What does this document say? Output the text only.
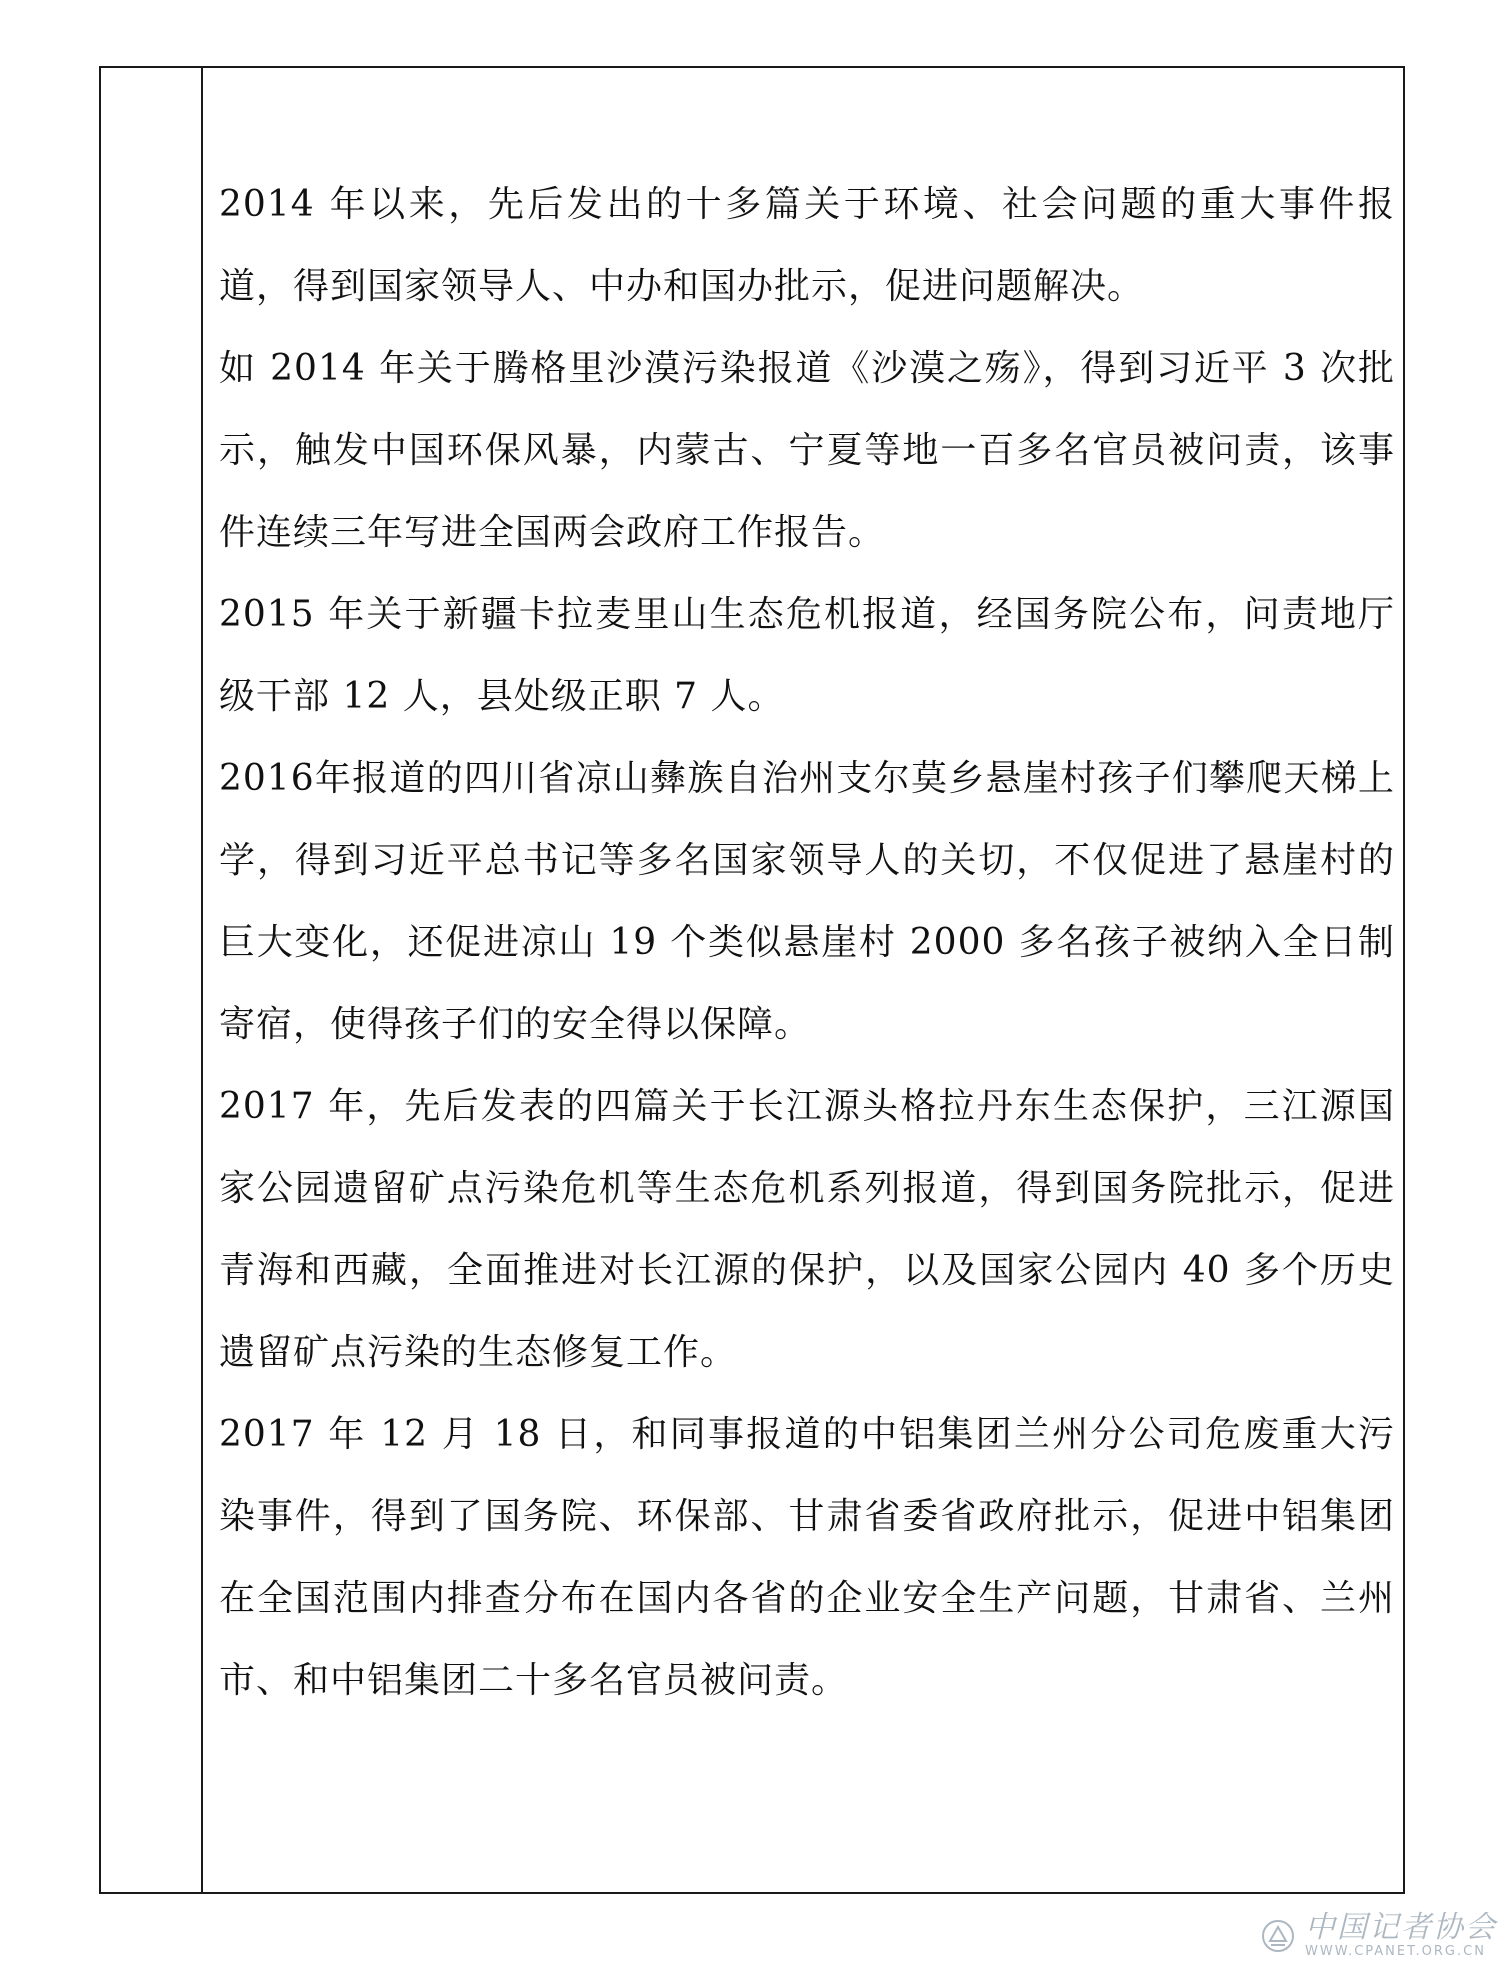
2014 年以来，先后发出的十多篇关于环境、社会问题的重大事件报道，得到国家领导人、中办和国办批示，促进问题解决。

如 2014 年关于腾格里沙漠污染报道《沙漠之殇》，得到习近平 3 次批示，触发中国环保风暴，内蒙古、宁夏等地一百多名官员被问责，该事件连续三年写进全国两会政府工作报告。

2015 年关于新疆卡拉麦里山生态危机报道，经国务院公布，问责地厅级干部 12 人，县处级正职 7 人。

2016年报道的四川省凉山彝族自治州支尔莫乡悬崖村孩子们攀爬天梯上学，得到习近平总书记等多名国家领导人的关切，不仅促进了悬崖村的巨大变化，还促进凉山 19 个类似悬崖村 2000 多名孩子被纳入全日制寄宿，使得孩子们的安全得以保障。

2017 年，先后发表的四篇关于长江源头格拉丹东生态保护，三江源国家公园遗留矿点污染危机等生态危机系列报道，得到国务院批示，促进青海和西藏，全面推进对长江源的保护，以及国家公园内 40 多个历史遗留矿点污染的生态修复工作。

2017 年 12 月 18 日，和同事报道的中铝集团兰州分公司危废重大污染事件，得到了国务院、环保部、甘肃省委省政府批示，促进中铝集团在全国范围内排查分布在国内各省的企业安全生产问题，甘肃省、兰州市、和中铝集团二十多名官员被问责。

中国记者协会
WWW.CPANET.ORG.CN
